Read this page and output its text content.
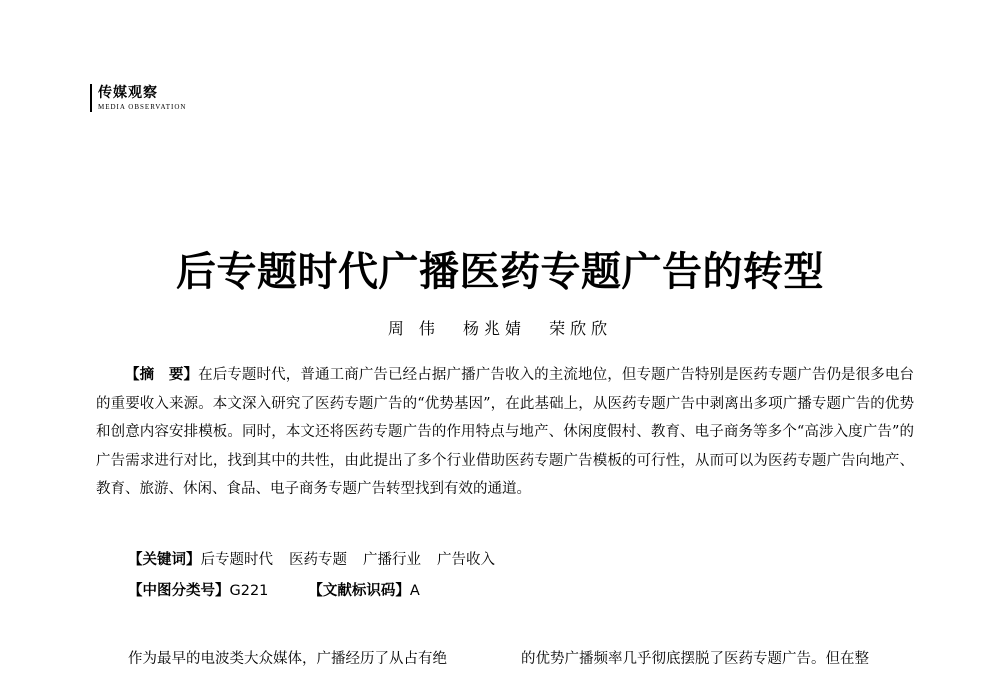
传媒观察
MEDIA OBSERVATION
后专题时代广播医药专题广告的转型
周 伟 杨兆婧 荣欣欣
【摘　要】在后专题时代，普通工商广告已经占据广播广告收入的主流地位，但专题广告特别是医药专题广告仍是很多电台的重要收入来源。本文深入研究了医药专题广告的“优势基因”，在此基础上，从医药专题广告中剥离出多项广播专题广告的优势和创意内容安排模板。同时，本文还将医药专题广告的作用特点与地产、休闲度假村、教育、电子商务等多个“高涉入度广告”的广告需求进行对比，找到其中的共性，由此提出了多个行业借助医药专题广告模板的可行性，从而可以为医药专题广告向地产、教育、旅游、休闲、食品、电子商务专题广告转型找到有效的通道。
【关键词】后专题时代 医药专题 广播行业 广告收入
【中图分类号】G221	【文献标识码】A
作为最早的电波类大众媒体，广播经历了从占有绝	的优势广播频率几乎彻底摆脱了医药专题广告。但在整
